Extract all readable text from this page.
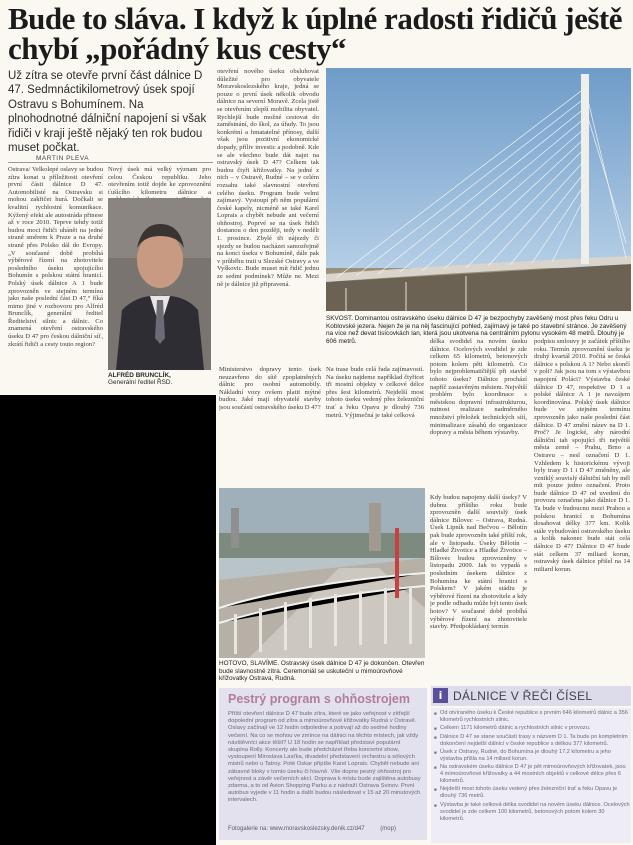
Bude to sláva. I když k úplné radosti řidičů ještě chybí „pořádný kus cesty“
Už zítra se otevře první část dálnice D 47. Sedmnáctikilometrový úsek spojí Ostravu s Bohumínem. Na plnohodnotné dálniční napojení si však řidiči v kraji ještě nějaký ten rok budou muset počkat.
MARTIN PLEVA
Ostrava/ Velkolepé oslavy se budou zítra konat u příležitosti otevření první části dálnice D 47. Automobilisté na Ostravsku si mohou zakřičet hurá. Dočkali se kvalitní rychlostní komunikace. Kýžený efekt ale autostráda přinese až v roce 2010. Teprve tehdy totiž budou moci řidiči uhánět na jedné straně směrem k Praze a na druhé straně přes Polsko dál do Evropy. „V současné době probíhá výběrové řízení na zhotovitele posledního úseku spojujícího Bohumín s polskou státní hranicí. Polský úsek dálnice A 1 bude zprovozněn ve stejném termínu jako naše poslední část D 47,“ říká mimo jiné v rozhovoru pro Alfréd Brunclík, generální ředitel Ředitelství silnic a dálnic. Co znamená otevření ostravského úseku D 47 pro českou dálniční síť, zkrátí řidiči a cesty touto region?
Nový úsek má velký význam pro celou Českou republiku. Jeho otevřením totiž dojde ke zprovoznění ťušícího kilometru dálnice a
ALFRÉD BRUNCLÍK,
Generální ředitel ŘSD.
otevření nového úseku obsluhovat důležité pro obyvatele Moravskoslezského kraje, jedná se pouze o první úsek několik obvodu dálnice na severní Moravě. Zcela jistě se otevřením zlepší mobilita obyvatel. Rychlejší bude možné cestovat do zaměstnání, do škol, za úřady. To jsou konkrétní a hmatatelné přínosy, další však jsou pozitivní ekonomické dopady, příliv investic a podobně. Kde se ale všechno bude dát najet na ostravský úsek D 47? Celkem tak budou čtyři křižovatky. Na jedné z nich – v Ostravě, Rudné – se v celém rozsahu také slavnostní otevření celého úseku. Program bude velmi zajímavý. Vystoupí při něm populární české kapely, nicméně se také Karel Loprais a chybět nebude ani večerní ohňostroj. Poprvé se na úsek řidiči dostanou o den později, tedy v neděli 1. prosince. Zbylé tři nájezdy či sjezdy se budou nacházet samozřejmě na konci úseku v Bohumíně, dále pak v průběhu trati u Slezské Ostravy a ve Vyškovic. Bude muset mít řidič jednu ze sedmi podmínek? Může ne. Mezi ně je dálnice již připravená.
SKVOST. Dominantou ostravského úseku dálnice D 47 je bezpochyby zavěšený most přes řeku Odru u Koblovské jezera. Nejen že je na něj fascinující pohled, zajímavý je také po stavební stránce. Je zavěšený na více než devat tisícovkách lan, která jsou ukotvena na centrálním pylonu vysokém 48 metrů. Dlouhý je 606 metrů.
Ministerstvo dopravy tento úsek neuzavřeno do sítě zpoplatněných dálnic pro osobní automobily. Nákladní vozy ovšem platit mýtné budou. Jaké mají obyvatelé stavby jsou součástí ostravského úseku D 47?
Na trase bude celá řada zajímavostí. Na úseku najdeme například čtyřicet tři mostní objekty v celkové délce přes šest kilometrů. Nejdelší most tohoto úseku vedený přes železniční trať a řeku Opavu je dlouhý 736 metrů. Výjimečná je také celková
délka svodidel na novém úseku dálnice. Ocelových svodidel je zde celkem 65 kilometrů, betonových potom kolem pěti kilometrů. Co bylo nejproblematičtější při stavbě tohoto úseku? Dálnice prochází napříč zastavěným městem. Největší problém bylo koordinace s městskou dopravní infrastrukturou, nutnost realizace nadměrného množství přeložek technických sítí, minimalizace zásahů do organizace dopravy a města během výstavby.
Kdy budou napojeny další úseky? V dubnu příštího roku bude zprovozněn další souvislý úsek dálnice Bílovec – Ostrava, Rudná. Úsek Lipník nad Bečvou – Bělotín pak bude zprovozněn také příští rok, ale v listopadu. Úseky Bělotín – Hladké Životice a Hladké Životice – Bílovec budou zprovozněny v listopadu 2009. Jak to vypadá s posledním úsekem dálnice z Bohumína ke státní hranici s Polskem? V jakém stádiu je výběrové řízení na zhotovitele a kdy je podle odhadu může být tento úsek hotov? V současné době probíhá výběrové řízení na zhotovitele stavby. Předpokládaný termín
podpisu smlouvy je začátek příštího roku. Termín zprovoznění úseku je druhý kvartál 2010. Počítá se česká dálnice s polskou A 1? Nebo skončí v poli? Jak jsou na tom s výstavbou napojení Poláci? Výstavba české dálnice D 47, respektive D 1 a polské dálnice A 1 je navzájem koordinována. Polský úsek dálnice bude ve stejném termínu zprovozněn jako naše poslední část dálnice. D 47 změní název na D 1. Proč? Je logické, aby národní dálniční tah spojující tři největší města země – Prahu, Brno a Ostravu – nesl označení D 1. Vzhledem k historickému vývoji byly trasy D 1 i D 47 změněny, ale vzniklý souvislý dálniční tah by měl mít pouze jedno označení. Proto bude dálnice D 47 od uvedení do provozu označena jako dálnice D 1. Ta bude v budoucnu mezi Prahou a polskou hranicí u Bohumína dosahovat délky 377 km. Kolik stále vybudování ostravského úseku a kolik nakonec bude stát celá dálnice D 47? Dálnice D 47 bude stát celkem 37 miliard korun, ostravský úsek dálnice přišel na 14 miliard korun.
HOTOVO, SLAVÍME. Ostravský úsek dálnice D 47 je dokončen. Otevřen bude slavnostně zítra. Ceremoniál se uskuteční u mimoúrovňové křižovatky Ostrava, Rudná.
Pestrý program s ohňostrojem
Příští otevření dálnice D 47 bude zítra, které se jako veřejnost v zítřejší dopolední program od zítra a mimoúrovňové křižovatky Rudná v Ostravě. Oslavy začínají ve 12 hodin odpoledne a potrvají až do sedmé hodiny večerní. Na co se mohou ve zmínce na dálnici na těchto místech, jak vždy návštěvníci akce těšit? U 18 hodin se například představí populární skupina Rolly. Koncerty ale bude předcházet třeba koncertní show, vystoupení Miroslava Lasťka, divadelní představení orchestru a sólových mistrů nebo u Tatroy. Poté Oskar připíše Karel Loprais. Chybět nebude ani zábavné bloky v tomto úseku či hlavně. Vše dopne pestrý ohňostroj pro veřejnost a závěr večerních akcí. Doprava k místu bude zajištěna autobusy zdarma, a to od Avion Shopping Parku a z nádraží Ostrava Svinov. První autobus vyjede v 11 hodin a další budou následovat v 15 až 20 minutových intervalech.
Fotogalerie na: www.moravskoslezsky.denik.cz/d47	(mop)
i DÁLNICE V ŘEČI ČÍSEL
■ Od otvíraného úseku k České republice s prvním 646 kilometrů dálnic a 356 kilometrů rychlostních silnic.
■ Celkem 1171 kilometrů dálnic a rychlostních silnic v provozu.
■ Dálnice D 47 se stane součástí trasy s názvem D 1. Ta bude po kompletním dokončení nejdelší dálnicí v české republice s délkou 377 kilometrů.
■ Úsek z Ostravy, Rudné, do Bohumína je dlouhý 17,2 kilometru a jeho výstavba přišla na 14 miliard korun.
■ Na ostravském úseku dálnice D 47 je pět mimoúrovňových křižovatek, jsou 4 mimoúrovňové křižovatky a 44 mostních objektů v celkové délce přes 6 kilometrů.
■ Nejdelší most tohoto úseku vedený přes železniční trať a řeku Opavu je dlouhý 736 metrů.
■ Výstavba je také celková délka svodidel na novém úseku dálnice. Ocelových svodidel je zde celkem 100 kilometrů, betonových potom kolem 30 kilometrů.
